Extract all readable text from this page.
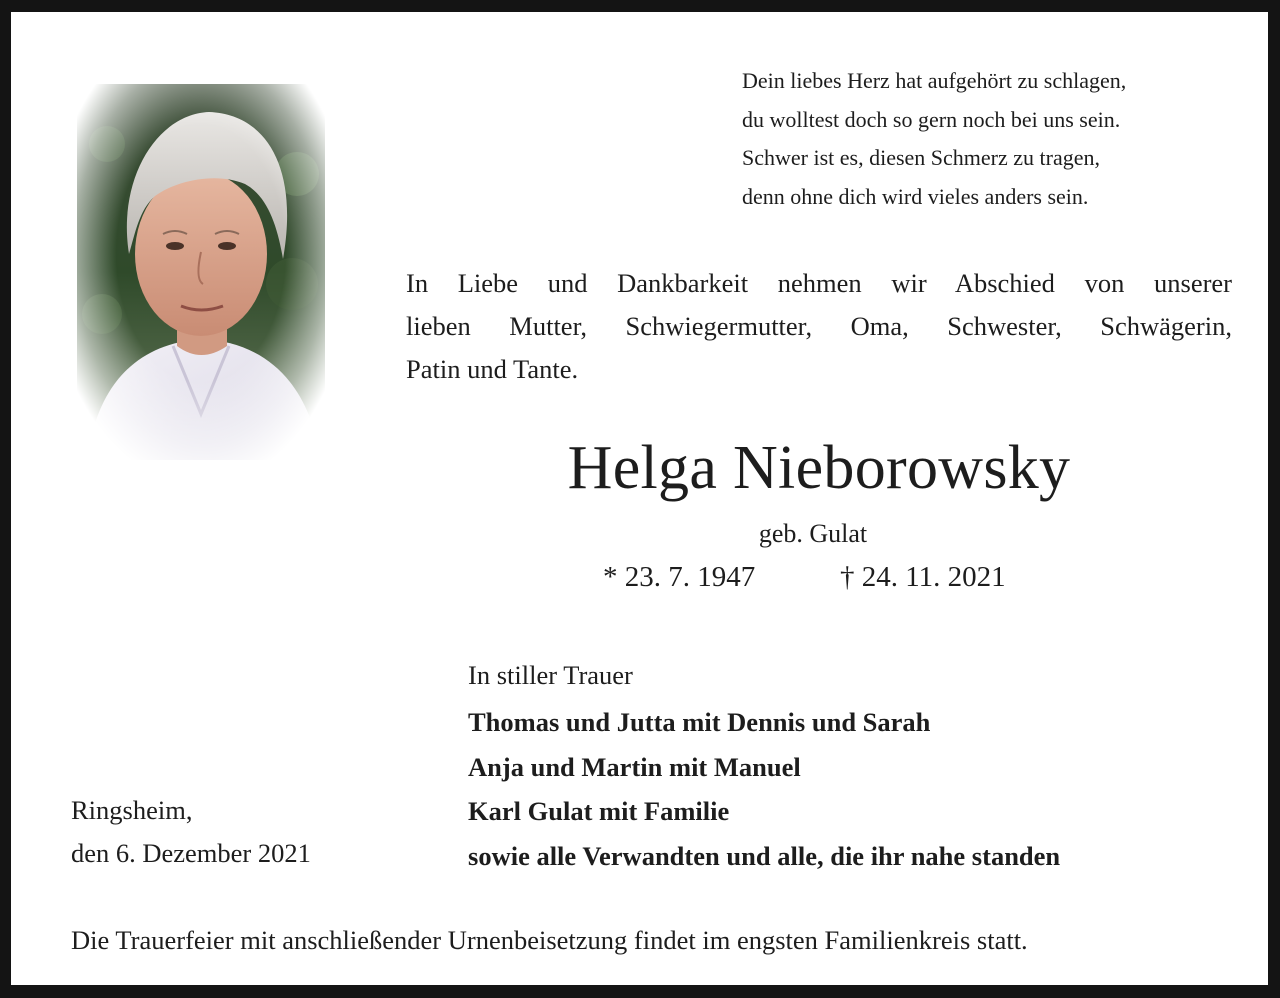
Dein liebes Herz hat aufgehört zu schlagen,
du wolltest doch so gern noch bei uns sein.
Schwer ist es, diesen Schmerz zu tragen,
denn ohne dich wird vieles anders sein.
In Liebe und Dankbarkeit nehmen wir Abschied von unserer
lieben Mutter, Schwiegermutter, Oma, Schwester, Schwägerin,
Patin und Tante.
Helga Nieborowsky
geb. Gulat
* 23. 7. 1947	† 24. 11. 2021
In stiller Trauer
Thomas und Jutta mit Dennis und Sarah
Anja und Martin mit Manuel
Karl Gulat mit Familie
sowie alle Verwandten und alle, die ihr nahe standen
Ringsheim,
den 6. Dezember 2021
Die Trauerfeier mit anschließender Urnenbeisetzung findet im engsten Familienkreis statt.
